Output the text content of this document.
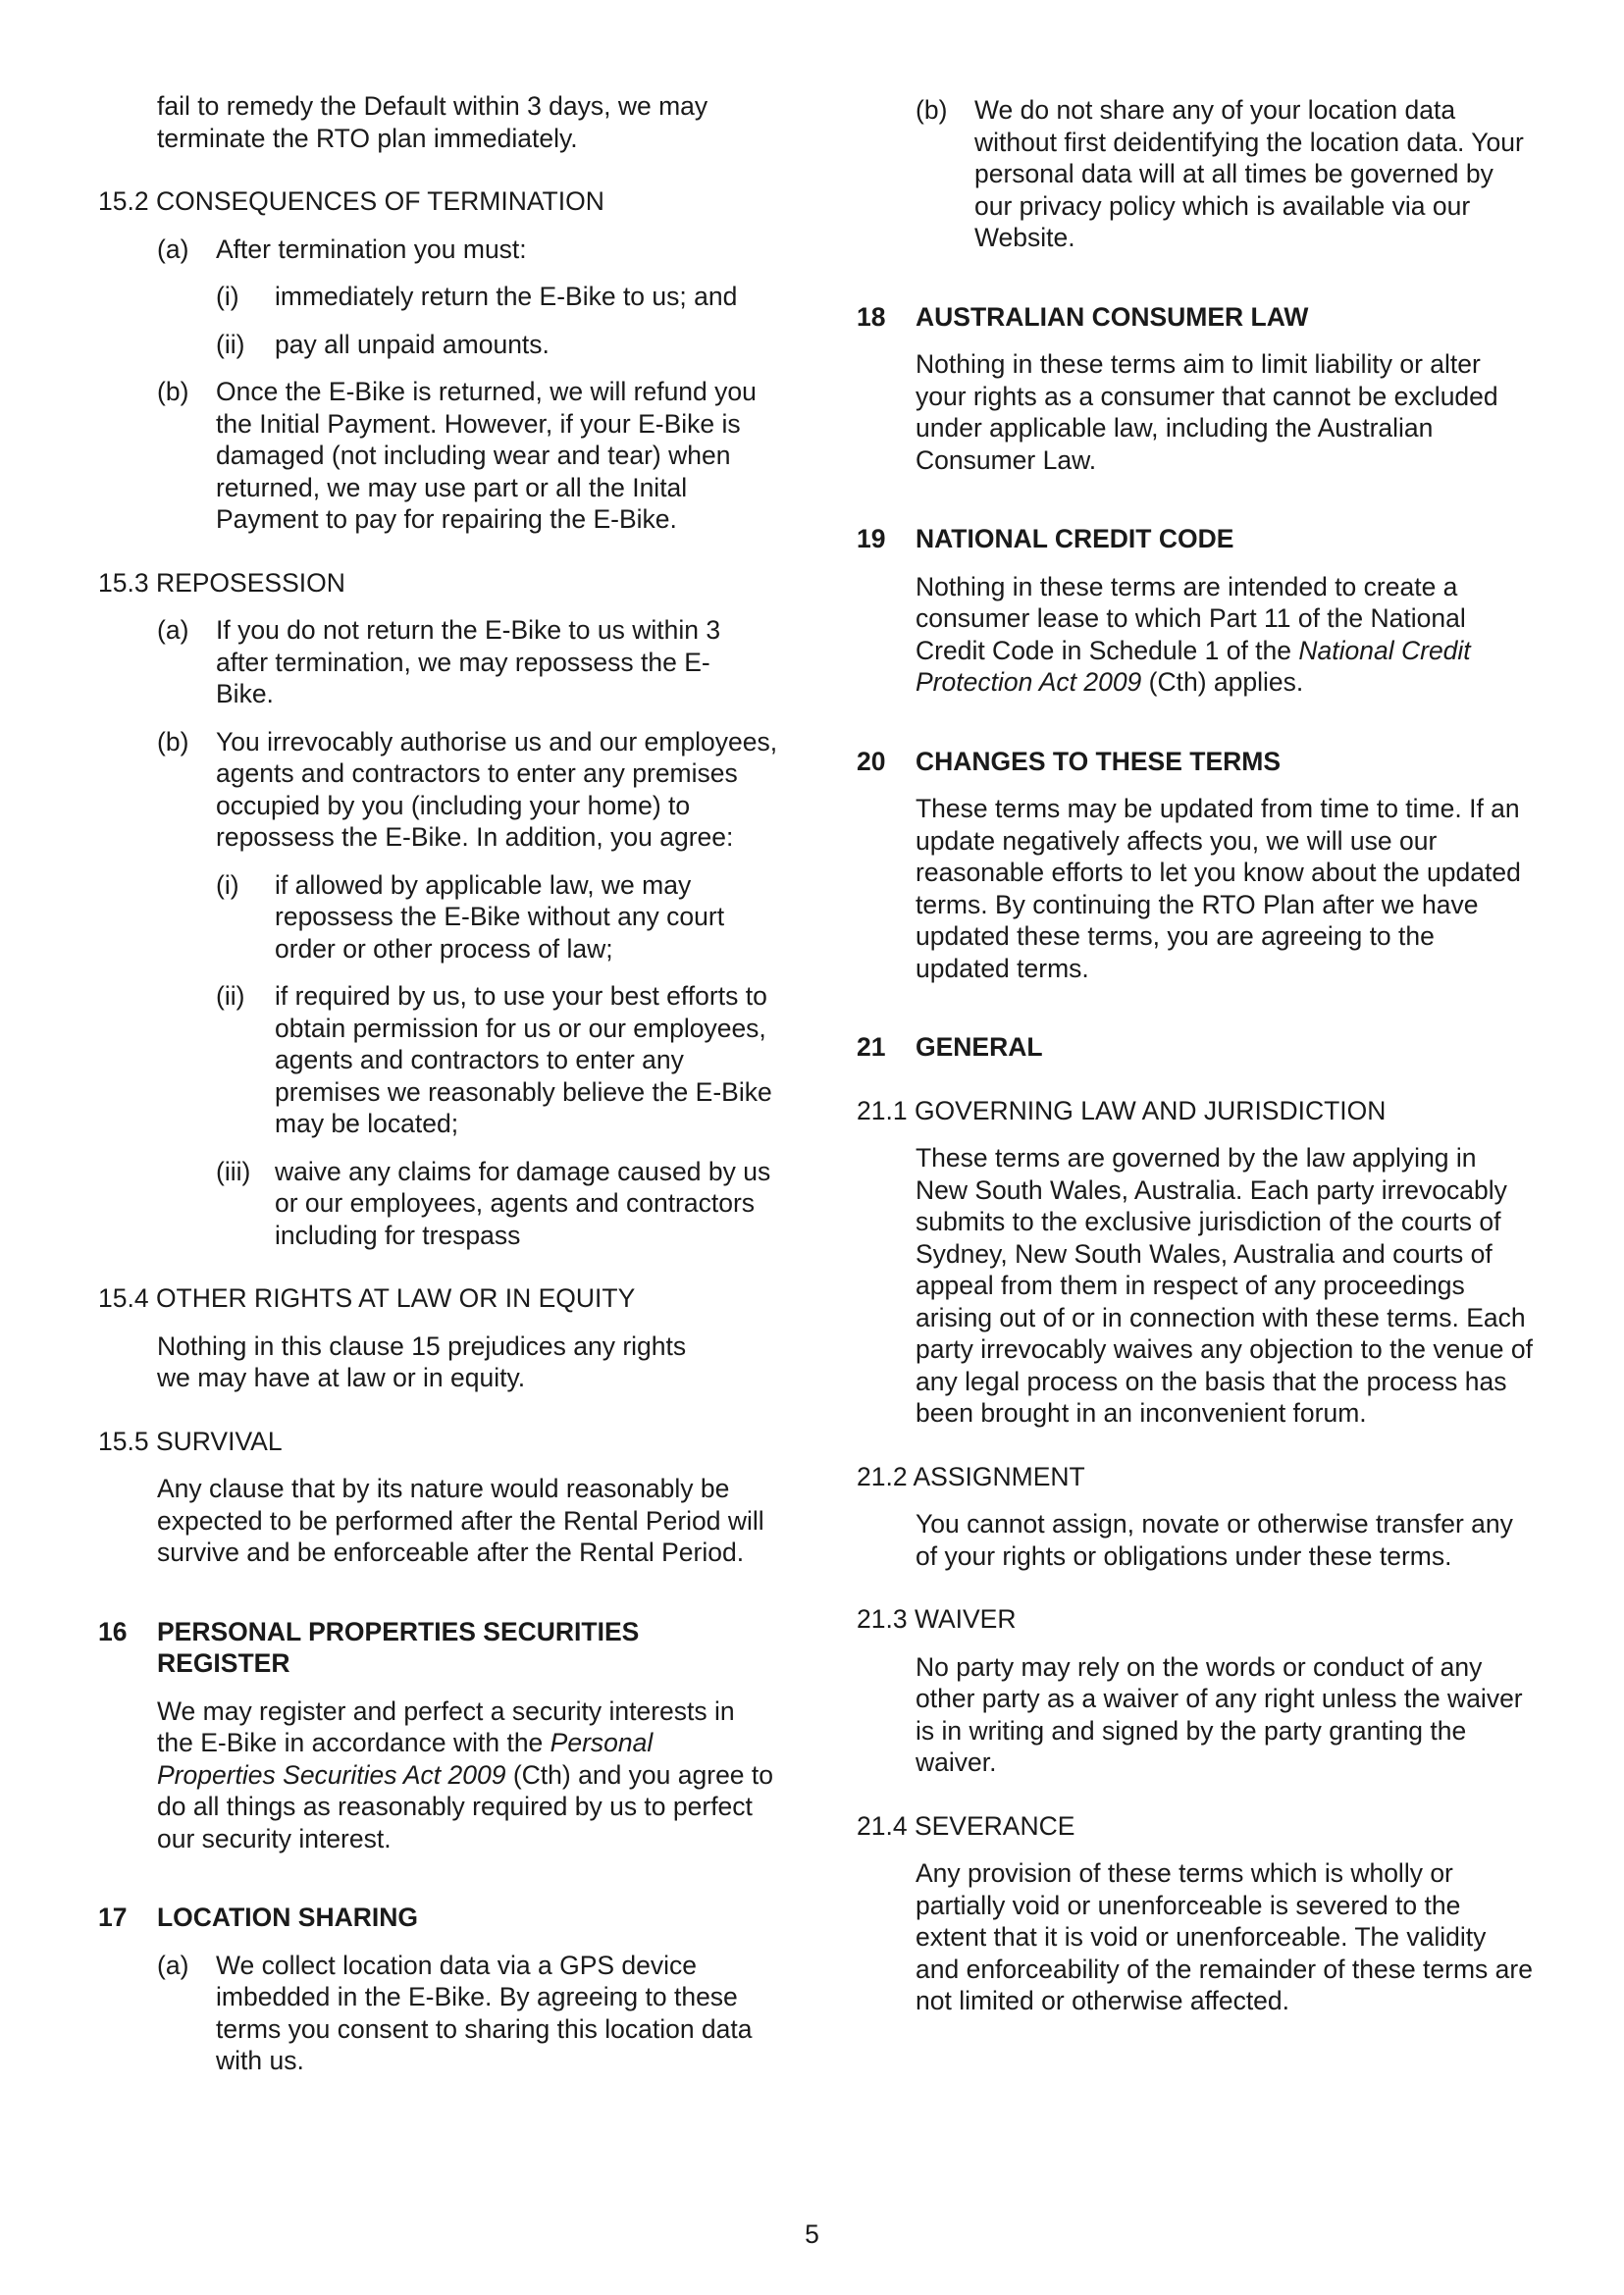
fail to remedy the Default within 3 days, we may terminate the RTO plan immediately.

15.2 CONSEQUENCES OF TERMINATION

(a) After termination you must:
(i) immediately return the E-Bike to us; and
(ii) pay all unpaid amounts.
(b) Once the E-Bike is returned, we will refund you the Initial Payment. However, if your E-Bike is damaged (not including wear and tear) when returned, we may use part or all the Inital Payment to pay for repairing the E-Bike.

15.3 REPOSESSION

(a) If you do not return the E-Bike to us within 3 after termination, we may repossess the E-Bike.
(b) You irrevocably authorise us and our employees, agents and contractors to enter any premises occupied by you (including your home) to repossess the E-Bike. In addition, you agree:
(i) if allowed by applicable law, we may repossess the E-Bike without any court order or other process of law;
(ii) if required by us, to use your best efforts to obtain permission for us or our employees, agents and contractors to enter any premises we reasonably believe the E-Bike may be located;
(iii) waive any claims for damage caused by us or our employees, agents and contractors including for trespass

15.4 OTHER RIGHTS AT LAW OR IN EQUITY

Nothing in this clause 15 prejudices any rights we may have at law or in equity.

15.5 SURVIVAL

Any clause that by its nature would reasonably be expected to be performed after the Rental Period will survive and be enforceable after the Rental Period.

16 PERSONAL PROPERTIES SECURITIES REGISTER

We may register and perfect a security interests in the E-Bike in accordance with the Personal Properties Securities Act 2009 (Cth) and you agree to do all things as reasonably required by us to perfect our security interest.

17 LOCATION SHARING
(a) We collect location data via a GPS device imbedded in the E-Bike. By agreeing to these terms you consent to sharing this location data with us.
(b) We do not share any of your location data without first deidentifying the location data. Your personal data will at all times be governed by our privacy policy which is available via our Website.
18 AUSTRALIAN CONSUMER LAW

Nothing in these terms aim to limit liability or alter your rights as a consumer that cannot be excluded under applicable law, including the Australian Consumer Law.

19 NATIONAL CREDIT CODE

Nothing in these terms are intended to create a consumer lease to which Part 11 of the National Credit Code in Schedule 1 of the National Credit Protection Act 2009 (Cth) applies.

20 CHANGES TO THESE TERMS

These terms may be updated from time to time. If an update negatively affects you, we will use our reasonable efforts to let you know about the updated terms. By continuing the RTO Plan after we have updated these terms, you are agreeing to the updated terms.

21 GENERAL

21.1 GOVERNING LAW AND JURISDICTION

These terms are governed by the law applying in New South Wales, Australia. Each party irrevocably submits to the exclusive jurisdiction of the courts of Sydney, New South Wales, Australia and courts of appeal from them in respect of any proceedings arising out of or in connection with these terms. Each party irrevocably waives any objection to the venue of any legal process on the basis that the process has been brought in an inconvenient forum.

21.2 ASSIGNMENT

You cannot assign, novate or otherwise transfer any of your rights or obligations under these terms.

21.3 WAIVER

No party may rely on the words or conduct of any other party as a waiver of any right unless the waiver is in writing and signed by the party granting the waiver.

21.4 SEVERANCE

Any provision of these terms which is wholly or partially void or unenforceable is severed to the extent that it is void or unenforceable. The validity and enforceability of the remainder of these terms are not limited or otherwise affected.

5
